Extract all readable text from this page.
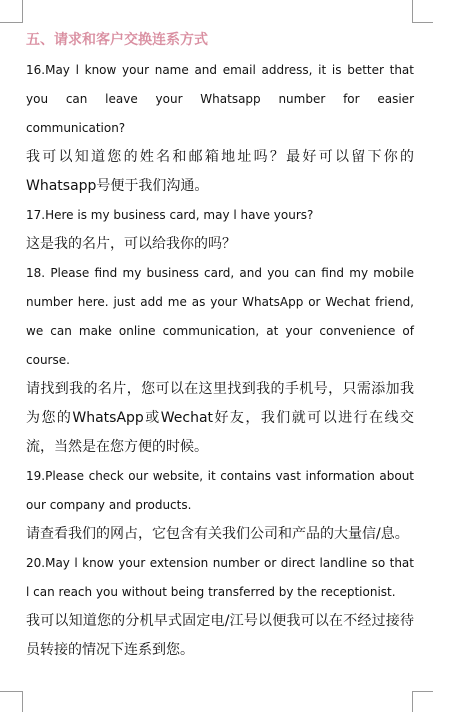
五、请求和客户交换连系方式

16.May l know your name and email address, it is better that you can leave your Whatsapp number for easier communication?

我可以知道您的姓名和邮箱地址吗？最好可以留下你的Whatsapp号便于我们沟通。

17.Here is my business card, may l have yours?

这是我的名片，可以给我你的吗？

18. Please find my business card, and you can find my mobile number here. just add me as your WhatsApp or Wechat friend, we can make online communication, at your convenience of course.

请找到我的名片，您可以在这里找到我的手机号，只需添加我为您的WhatsApp或Wechat好友，我们就可以进行在线交流，当然是在您方便的时候。

19.Please check our website, it contains vast information about our company and products.

请查看我们的网占，它包含有关我们公司和产品的大量信/息。

20.May l know your extension number or direct landline so that l can reach you without being transferred by the receptionist.

我可以知道您的分机早式固定电/江号以便我可以在不经过接待员转接的情况下连系到您。
